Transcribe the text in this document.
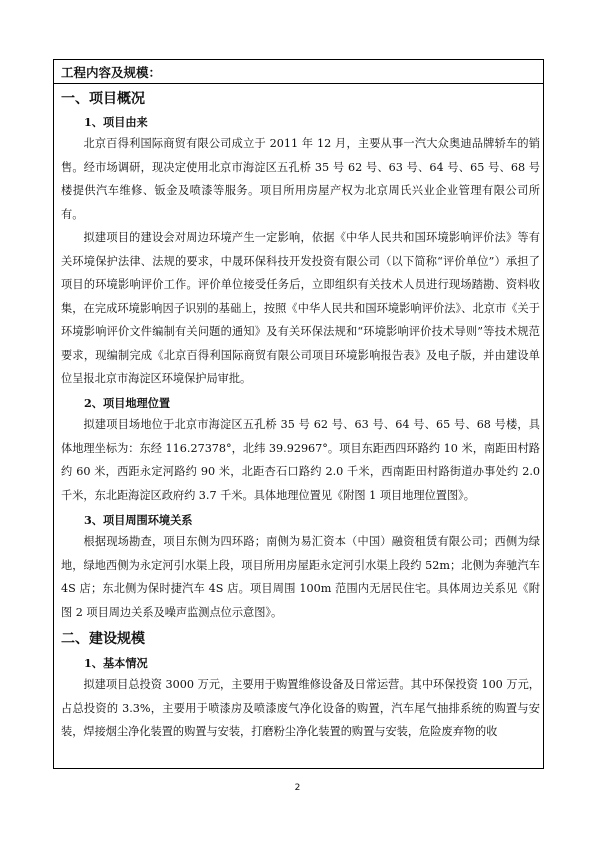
工程内容及规模：
一、项目概况
1、项目由来

北京百得利国际商贸有限公司成立于 2011 年 12 月，主要从事一汽大众奥迪品牌轿车的销售。经市场调研，现决定使用北京市海淀区五孔桥 35 号 62 号、63 号、64 号、65 号、68 号楼提供汽车维修、钣金及喷漆等服务。项目所用房屋产权为北京周氏兴业企业管理有限公司所有。

拟建项目的建设会对周边环境产生一定影响，依据《中华人民共和国环境影响评价法》等有关环境保护法律、法规的要求，中晟环保科技开发投资有限公司（以下简称“评价单位”）承担了项目的环境影响评价工作。评价单位接受任务后，立即组织有关技术人员进行现场踏勘、资料收集，在完成环境影响因子识别的基础上，按照《中华人民共和国环境影响评价法》、北京市《关于环境影响评价文件编制有关问题的通知》及有关环保法规和“环境影响评价技术导则”等技术规范要求，现编制完成《北京百得利国际商贸有限公司项目环境影响报告表》及电子版，并由建设单位呈报北京市海淀区环境保护局审批。

2、项目地理位置

拟建项目场地位于北京市海淀区五孔桥 35 号 62 号、63 号、64 号、65 号、68 号楼，具体地理坐标为：东经 116.27378°，北纬 39.92967°。项目东距西四环路约 10 米，南距田村路约 60 米，西距永定河路约 90 米，北距杏石口路约 2.0 千米，西南距田村路街道办事处约 2.0 千米，东北距海淀区政府约 3.7 千米。具体地理位置见《附图 1 项目地理位置图》。

3、项目周围环境关系

根据现场勘查，项目东侧为四环路；南侧为易汇资本（中国）融资租赁有限公司；西侧为绿地，绿地西侧为永定河引水渠上段，项目所用房屋距永定河引水渠上段约 52m；北侧为奔驰汽车 4S 店；东北侧为保时捷汽车 4S 店。项目周围 100m 范围内无居民住宅。具体周边关系见《附图 2 项目周边关系及噪声监测点位示意图》。

二、建设规模
1、基本情况

拟建项目总投资 3000 万元，主要用于购置维修设备及日常运营。其中环保投资 100 万元，占总投资的 3.3%，主要用于喷漆房及喷漆废气净化设备的购置，汽车尾气抽排系统的购置与安装，焊接烟尘净化装置的购置与安装，打磨粉尘净化装置的购置与安装，危险废弃物的收

2
